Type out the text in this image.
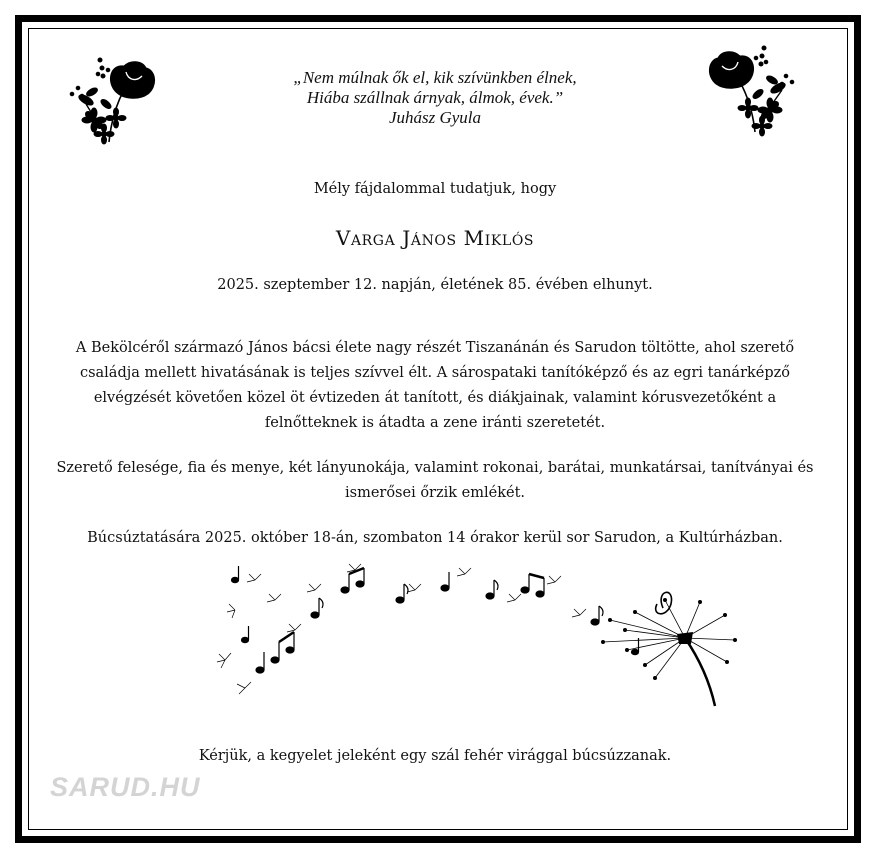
„Nem múlnak ők el, kik szívünkben élnek,
Hiába szállnak árnyak, álmok, évek.”
Juhász Gyula
Mély fájdalommal tudatjuk, hogy
Varga János Miklós
2025. szeptember 12. napján, életének 85. évében elhunyt.
A Bekölcéről származó János bácsi élete nagy részét Tiszanánán és Sarudon töltötte, ahol szerető családja mellett hivatásának is teljes szívvel élt. A sárospataki tanítóképző és az egri tanárképző elvégzését követően közel öt évtizeden át tanított, és diákjainak, valamint kórusvezetőként a felnőtteknek is átadta a zene iránti szeretetét.
Szerető felesége, fia és menye, két lányunokája, valamint rokonai, barátai, munkatársai, tanítványai és ismerősei őrzik emlékét.
Búcsúztatására 2025. október 18-án, szombaton 14 órakor kerül sor Sarudon, a Kultúrházban.
Kérjük, a kegyelet jeleként egy szál fehér virággal búcsúzzanak.
SARUD.HU
